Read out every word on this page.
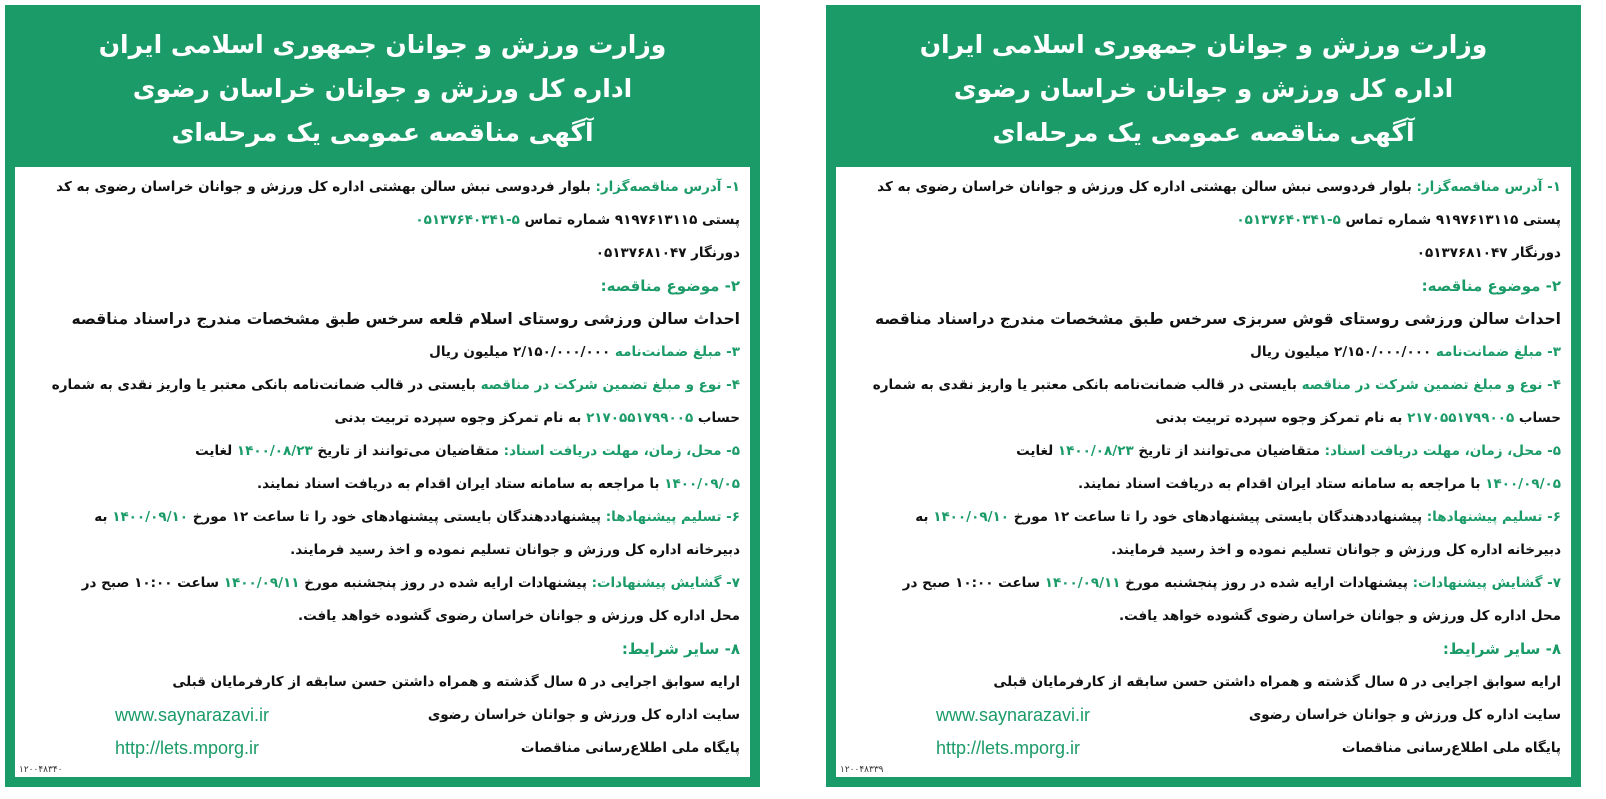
وزارت ورزش و جوانان جمهوری اسلامی ایران
اداره کل ورزش و جوانان خراسان رضوی
آگهی مناقصه عمومی یک مرحله‌ای
۱- آدرس مناقصه‌گزار: بلوار فردوسی نبش سالن بهشتی اداره کل ورزش و جوانان خراسان رضوی به کد
پستی ۹۱۹۷۶۱۳۱۱۵ شماره تماس ۰۵۱۳۷۶۴۰۳۴۱-۵
دورنگار ۰۵۱۳۷۶۸۱۰۴۷
۲- موضوع مناقصه:
احداث سالن ورزشی روستای اسلام قلعه سرخس طبق مشخصات مندرج دراسناد مناقصه
۳- مبلغ ضمانت‌نامه ۲/۱۵۰/۰۰۰/۰۰۰ میلیون ریال
۴- نوع و مبلغ تضمین شرکت در مناقصه بایستی در قالب ضمانت‌نامه بانکی معتبر یا واریز نقدی به شماره
حساب ۲۱۷۰۵۵۱۷۹۹۰۰۵ به نام تمرکز وجوه سپرده تربیت بدنی
۵- محل، زمان، مهلت دریافت اسناد: متقاضیان می‌توانند از تاریخ ۱۴۰۰/۰۸/۲۳ لغایت
۱۴۰۰/۰۹/۰۵ با مراجعه به سامانه ستاد ایران اقدام به دریافت اسناد نمایند.
۶- تسلیم پیشنهادها: پیشنهاددهندگان بایستی پیشنهادهای خود را تا ساعت ۱۲ مورخ ۱۴۰۰/۰۹/۱۰ به
دبیرخانه اداره کل ورزش و جوانان تسلیم نموده و اخذ رسید فرمایند.
۷- گشایش پیشنهادات: پیشنهادات ارایه شده در روز پنجشنبه مورخ ۱۴۰۰/۰۹/۱۱ ساعت ۱۰:۰۰ صبح در
محل اداره کل ورزش و جوانان خراسان رضوی گشوده خواهد یافت.
۸- سایر شرایط:
ارایه سوابق اجرایی در ۵ سال گذشته و همراه داشتن حسن سابقه از کارفرمایان قبلی
سایت اداره کل ورزش و جوانان خراسان رضوی
www.saynarazavi.ir
پایگاه ملی اطلاع‌رسانی مناقصات
http://lets.mporg.ir
۱۲۰۰۴۸۳۴۰
وزارت ورزش و جوانان جمهوری اسلامی ایران
اداره کل ورزش و جوانان خراسان رضوی
آگهی مناقصه عمومی یک مرحله‌ای
۱- آدرس مناقصه‌گزار: بلوار فردوسی نبش سالن بهشتی اداره کل ورزش و جوانان خراسان رضوی به کد
پستی ۹۱۹۷۶۱۳۱۱۵ شماره تماس ۰۵۱۳۷۶۴۰۳۴۱-۵
دورنگار ۰۵۱۳۷۶۸۱۰۴۷
۲- موضوع مناقصه:
احداث سالن ورزشی روستای قوش سربزی سرخس طبق مشخصات مندرج دراسناد مناقصه
۳- مبلغ ضمانت‌نامه ۲/۱۵۰/۰۰۰/۰۰۰ میلیون ریال
۴- نوع و مبلغ تضمین شرکت در مناقصه بایستی در قالب ضمانت‌نامه بانکی معتبر یا واریز نقدی به شماره
حساب ۲۱۷۰۵۵۱۷۹۹۰۰۵ به نام تمرکز وجوه سپرده تربیت بدنی
۵- محل، زمان، مهلت دریافت اسناد: متقاضیان می‌توانند از تاریخ ۱۴۰۰/۰۸/۲۳ لغایت
۱۴۰۰/۰۹/۰۵ با مراجعه به سامانه ستاد ایران اقدام به دریافت اسناد نمایند.
۶- تسلیم پیشنهادها: پیشنهاددهندگان بایستی پیشنهادهای خود را تا ساعت ۱۲ مورخ ۱۴۰۰/۰۹/۱۰ به
دبیرخانه اداره کل ورزش و جوانان تسلیم نموده و اخذ رسید فرمایند.
۷- گشایش پیشنهادات: پیشنهادات ارایه شده در روز پنجشنبه مورخ ۱۴۰۰/۰۹/۱۱ ساعت ۱۰:۰۰ صبح در
محل اداره کل ورزش و جوانان خراسان رضوی گشوده خواهد یافت.
۸- سایر شرایط:
ارایه سوابق اجرایی در ۵ سال گذشته و همراه داشتن حسن سابقه از کارفرمایان قبلی
سایت اداره کل ورزش و جوانان خراسان رضوی
www.saynarazavi.ir
پایگاه ملی اطلاع‌رسانی مناقصات
http://lets.mporg.ir
۱۲۰۰۴۸۳۳۹
